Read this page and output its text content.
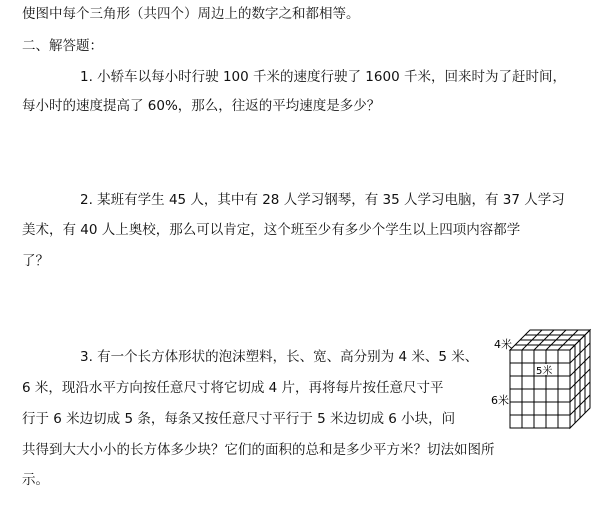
使图中每个三角形（共四个）周边上的数字之和都相等。
二、解答题：
1. 小轿车以每小时行驶 100 千米的速度行驶了 1600 千米，回来时为了赶时间，
每小时的速度提高了 60%，那么，往返的平均速度是多少？
2. 某班有学生 45 人，其中有 28 人学习钢琴，有 35 人学习电脑，有 37 人学习
美术，有 40 人上奥校，那么可以肯定，这个班至少有多少个学生以上四项内容都学
了？
3. 有一个长方体形状的泡沫塑料，长、宽、高分别为 4 米、5 米、
6 米，现沿水平方向按任意尺寸将它切成 4 片，再将每片按任意尺寸平
行于 6 米边切成 5 条，每条又按任意尺寸平行于 5 米边切成 6 小块，问
共得到大大小小的长方体多少块？它们的面积的总和是多少平方米？切法如图所
示。
5米
4米
6米
